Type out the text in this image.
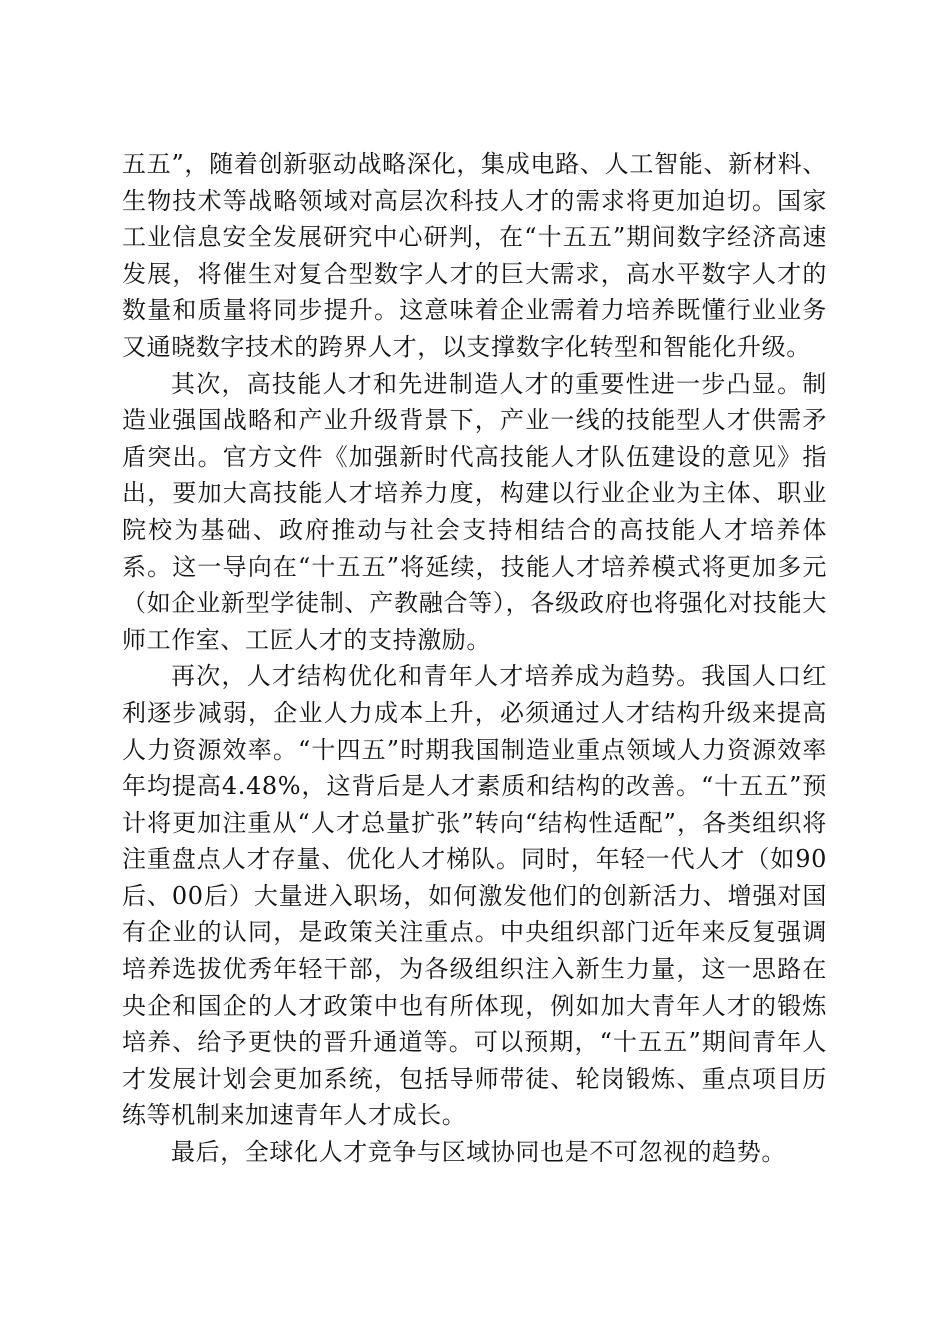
五五”，随着创新驱动战略深化，集成电路、人工智能、新材料、生物技术等战略领域对高层次科技人才的需求将更加迫切。国家工业信息安全发展研究中心研判，在“十五五”期间数字经济高速发展，将催生对复合型数字人才的巨大需求，高水平数字人才的数量和质量将同步提升。这意味着企业需着力培养既懂行业业务又通晓数字技术的跨界人才，以支撑数字化转型和智能化升级。

其次，高技能人才和先进制造人才的重要性进一步凸显。制造业强国战略和产业升级背景下，产业一线的技能型人才供需矛盾突出。官方文件《加强新时代高技能人才队伍建设的意见》指出，要加大高技能人才培养力度，构建以行业企业为主体、职业院校为基础、政府推动与社会支持相结合的高技能人才培养体系。这一导向在“十五五”将延续，技能人才培养模式将更加多元（如企业新型学徒制、产教融合等），各级政府也将强化对技能大师工作室、工匠人才的支持激励。

再次，人才结构优化和青年人才培养成为趋势。我国人口红利逐步减弱，企业人力成本上升，必须通过人才结构升级来提高人力资源效率。“十四五”时期我国制造业重点领域人力资源效率年均提高4.48%，这背后是人才素质和结构的改善。“十五五”预计将更加注重从“人才总量扩张”转向“结构性适配”，各类组织将注重盘点人才存量、优化人才梯队。同时，年轻一代人才（如90后、00后）大量进入职场，如何激发他们的创新活力、增强对国有企业的认同，是政策关注重点。中央组织部门近年来反复强调培养选拔优秀年轻干部，为各级组织注入新生力量，这一思路在央企和国企的人才政策中也有所体现，例如加大青年人才的锻炼培养、给予更快的晋升通道等。可以预期，“十五五”期间青年人才发展计划会更加系统，包括导师带徒、轮岗锻炼、重点项目历练等机制来加速青年人才成长。

最后，全球化人才竞争与区域协同也是不可忽视的趋势。
